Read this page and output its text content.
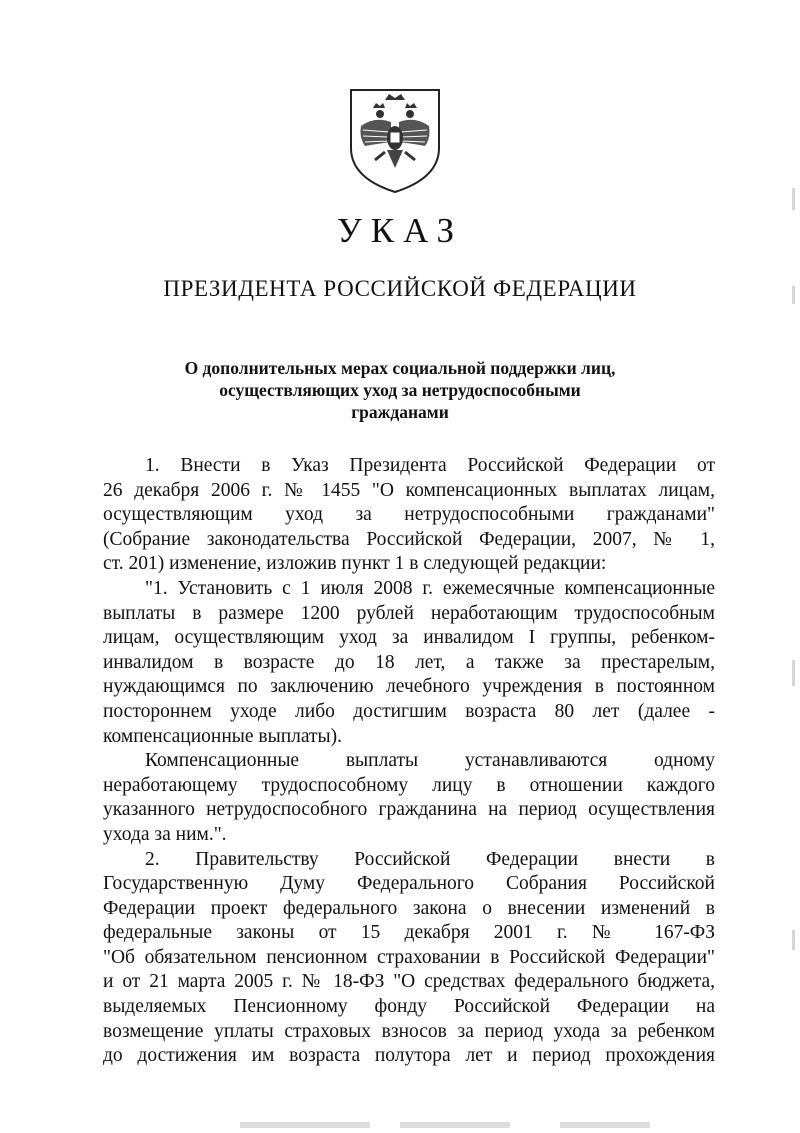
УКАЗ
ПРЕЗИДЕНТА РОССИЙСКОЙ ФЕДЕРАЦИИ
О дополнительных мерах социальной поддержки лиц,
осуществляющих уход за нетрудоспособными
гражданами
1. Внести в Указ Президента Российской Федерации от
26 декабря 2006 г. № 1455 "О компенсационных выплатах лицам,
осуществляющим уход за нетрудоспособными гражданами"
(Собрание законодательства Российской Федерации, 2007, № 1,
ст. 201) изменение, изложив пункт 1 в следующей редакции:
"1. Установить с 1 июля 2008 г. ежемесячные компенсационные
выплаты в размере 1200 рублей неработающим трудоспособным
лицам, осуществляющим уход за инвалидом I группы, ребенком-
инвалидом в возрасте до 18 лет, а также за престарелым,
нуждающимся по заключению лечебного учреждения в постоянном
постороннем уходе либо достигшим возраста 80 лет (далее -
компенсационные выплаты).
Компенсационные выплаты устанавливаются одному
неработающему трудоспособному лицу в отношении каждого
указанного нетрудоспособного гражданина на период осуществления
ухода за ним.".
2. Правительству Российской Федерации внести в
Государственную Думу Федерального Собрания Российской
Федерации проект федерального закона о внесении изменений в
федеральные законы от 15 декабря 2001 г. № 167-ФЗ
"Об обязательном пенсионном страховании в Российской Федерации"
и от 21 марта 2005 г. № 18-ФЗ "О средствах федерального бюджета,
выделяемых Пенсионному фонду Российской Федерации на
возмещение уплаты страховых взносов за период ухода за ребенком
до достижения им возраста полутора лет и период прохождения
